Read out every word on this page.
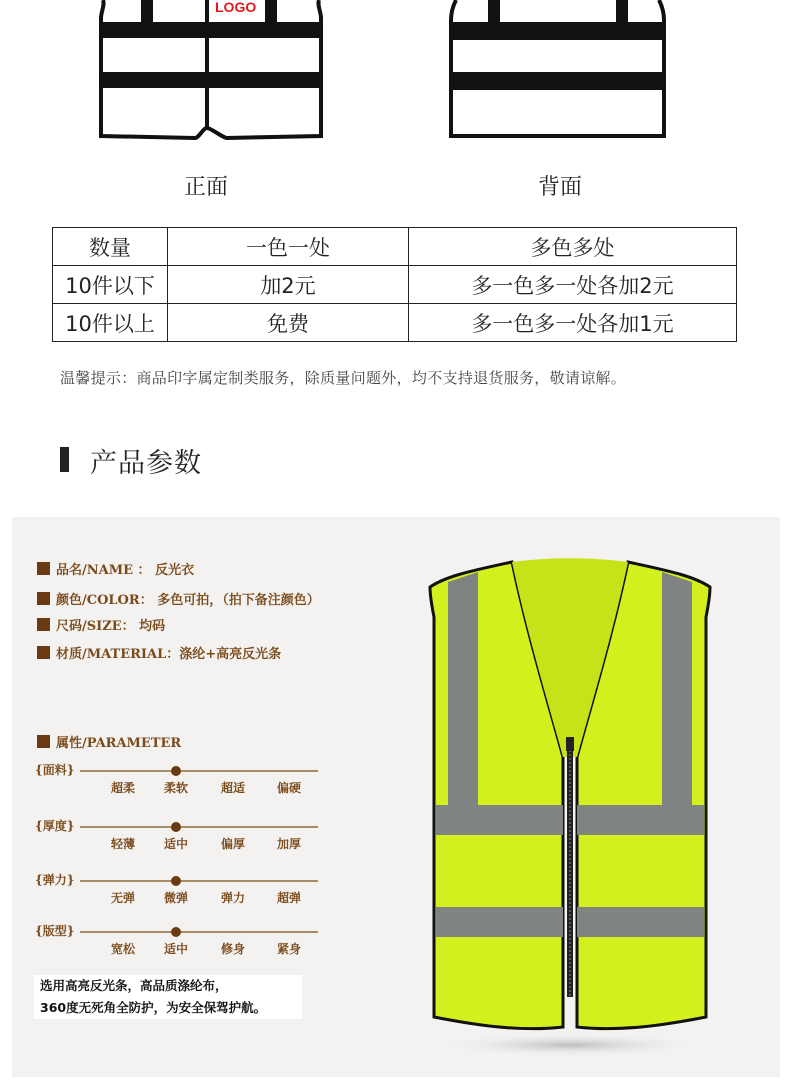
LOGO
正面	背面
数量	一色一处	多色多处
10件以下	加2元	多一色多一处各加2元
10件以上	免费	多一色多一处各加1元
温馨提示：商品印字属定制类服务，除质量问题外，均不支持退货服务，敬请谅解。
产品参数
品名/NAME ： 反光衣
颜色/COLOR： 多色可拍，（拍下备注颜色）
尺码/SIZE： 均码
材质/MATERIAL：涤纶+高亮反光条
属性/PARAMETER
{面料}
超柔	柔软	超适	偏硬
{厚度}
轻薄	适中	偏厚	加厚
{弹力}
无弹	微弹	弹力	超弹
{版型}
宽松	适中	修身	紧身
选用高亮反光条，高品质涤纶布，
360度无死角全防护，为安全保驾护航。
